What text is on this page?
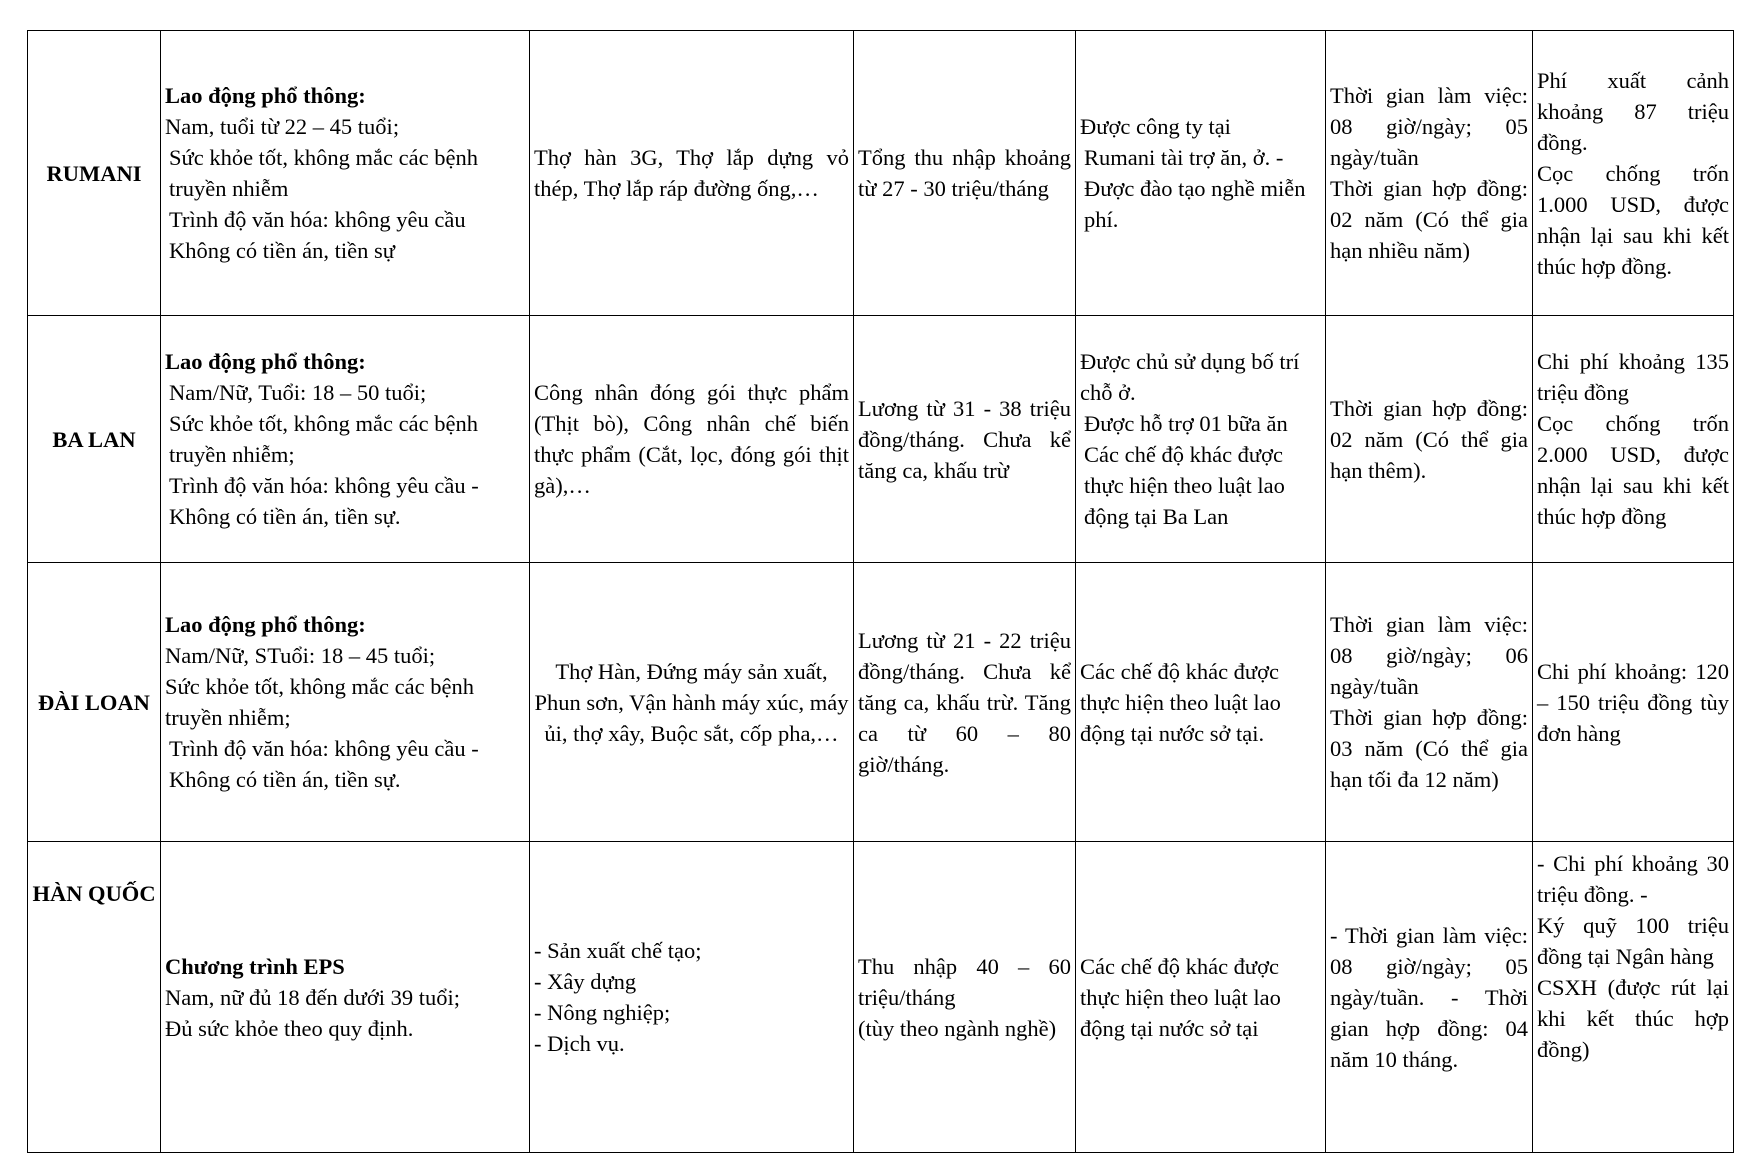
RUMANI	Lao động phổ thông:
Nam, tuổi từ 22 – 45 tuổi;
Sức khỏe tốt, không mắc các bệnh truyền nhiễm
Trình độ văn hóa: không yêu cầu
Không có tiền án, tiền sự	Thợ hàn 3G, Thợ lắp dựng vỏ thép, Thợ lắp ráp đường ống,…	Tổng thu nhập khoảng từ 27 - 30 triệu/tháng	Được công ty tại
Rumani tài trợ ăn, ở. -
Được đào tạo nghề miễn phí.	Thời gian làm việc: 08 giờ/ngày; 05 ngày/tuần
Thời gian hợp đồng: 02 năm (Có thể gia hạn nhiều năm)	Phí xuất cảnh khoảng 87 triệu đồng.
Cọc chống trốn 1.000 USD, được nhận lại sau khi kết thúc hợp đồng.

BA LAN	Lao động phổ thông:
Nam/Nữ, Tuổi: 18 – 50 tuổi;
Sức khỏe tốt, không mắc các bệnh truyền nhiễm;
Trình độ văn hóa: không yêu cầu - Không có tiền án, tiền sự.	Công nhân đóng gói thực phẩm (Thịt bò), Công nhân chế biến thực phẩm (Cắt, lọc, đóng gói thịt gà),…	Lương từ 31 - 38 triệu đồng/tháng. Chưa kể tăng ca, khấu trừ	Được chủ sử dụng bố trí chỗ ở.
Được hỗ trợ 01 bữa ăn
Các chế độ khác được thực hiện theo luật lao động tại Ba Lan	Thời gian hợp đồng: 02 năm (Có thể gia hạn thêm).	Chi phí khoảng 135 triệu đồng
Cọc chống trốn 2.000 USD, được nhận lại sau khi kết thúc hợp đồng

ĐÀI LOAN	Lao động phổ thông:
Nam/Nữ, STuổi: 18 – 45 tuổi;
Sức khỏe tốt, không mắc các bệnh truyền nhiễm;
Trình độ văn hóa: không yêu cầu - Không có tiền án, tiền sự.	Thợ Hàn, Đứng máy sản xuất, Phun sơn, Vận hành máy xúc, máy ủi, thợ xây, Buộc sắt, cốp pha,…	Lương từ 21 - 22 triệu đồng/tháng. Chưa kể tăng ca, khấu trừ. Tăng ca từ 60 – 80 giờ/tháng.	Các chế độ khác được thực hiện theo luật lao động tại nước sở tại.	Thời gian làm việc: 08 giờ/ngày; 06 ngày/tuần
Thời gian hợp đồng: 03 năm (Có thể gia hạn tối đa 12 năm)	Chi phí khoảng: 120 – 150 triệu đồng tùy đơn hàng

HÀN QUỐC	Chương trình EPS
Nam, nữ đủ 18 đến dưới 39 tuổi;
Đủ sức khỏe theo quy định.	- Sản xuất chế tạo;
- Xây dựng
- Nông nghiệp;
- Dịch vụ.	Thu nhập 40 – 60 triệu/tháng
(tùy theo ngành nghề)	Các chế độ khác được thực hiện theo luật lao động tại nước sở tại	- Thời gian làm việc: 08 giờ/ngày; 05 ngày/tuần. - Thời gian hợp đồng: 04 năm 10 tháng.	- Chi phí khoảng 30 triệu đồng. -
Ký quỹ 100 triệu đồng tại Ngân hàng
CSXH (được rút lại khi kết thúc hợp đồng)
